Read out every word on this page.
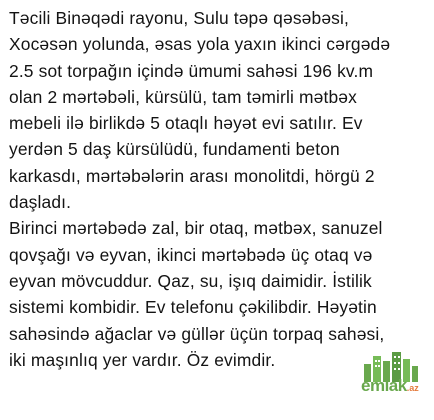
Təcili Binəqədi rayonu, Sulu təpə qəsəbəsi,
Xocəsən yolunda, əsas yola yaxın ikinci cərgədə
2.5 sot torpağın içində ümumi sahəsi 196 kv.m
olan 2 mərtəbəli, kürsülü, tam təmirli mətbəx
mebeli ilə birlikdə 5 otaqlı həyət evi satılır. Ev
yerdən 5 daş kürsülüdü, fundamenti beton
karkasdı, mərtəbələrin arası monolitdi, hörgü 2
daşladı.
Birinci mərtəbədə zal, bir otaq, mətbəx, sanuzel
qovşağı və eyvan, ikinci mərtəbədə üç otaq və
eyvan mövcuddur. Qaz, su, işıq daimidir. İstilik
sistemi kombidir. Ev telefonu çəkilibdir. Həyətin
sahəsində ağaclar və güllər üçün torpaq sahəsi,
iki maşınlıq yer vardır. Öz evimdir.
emlak.az
